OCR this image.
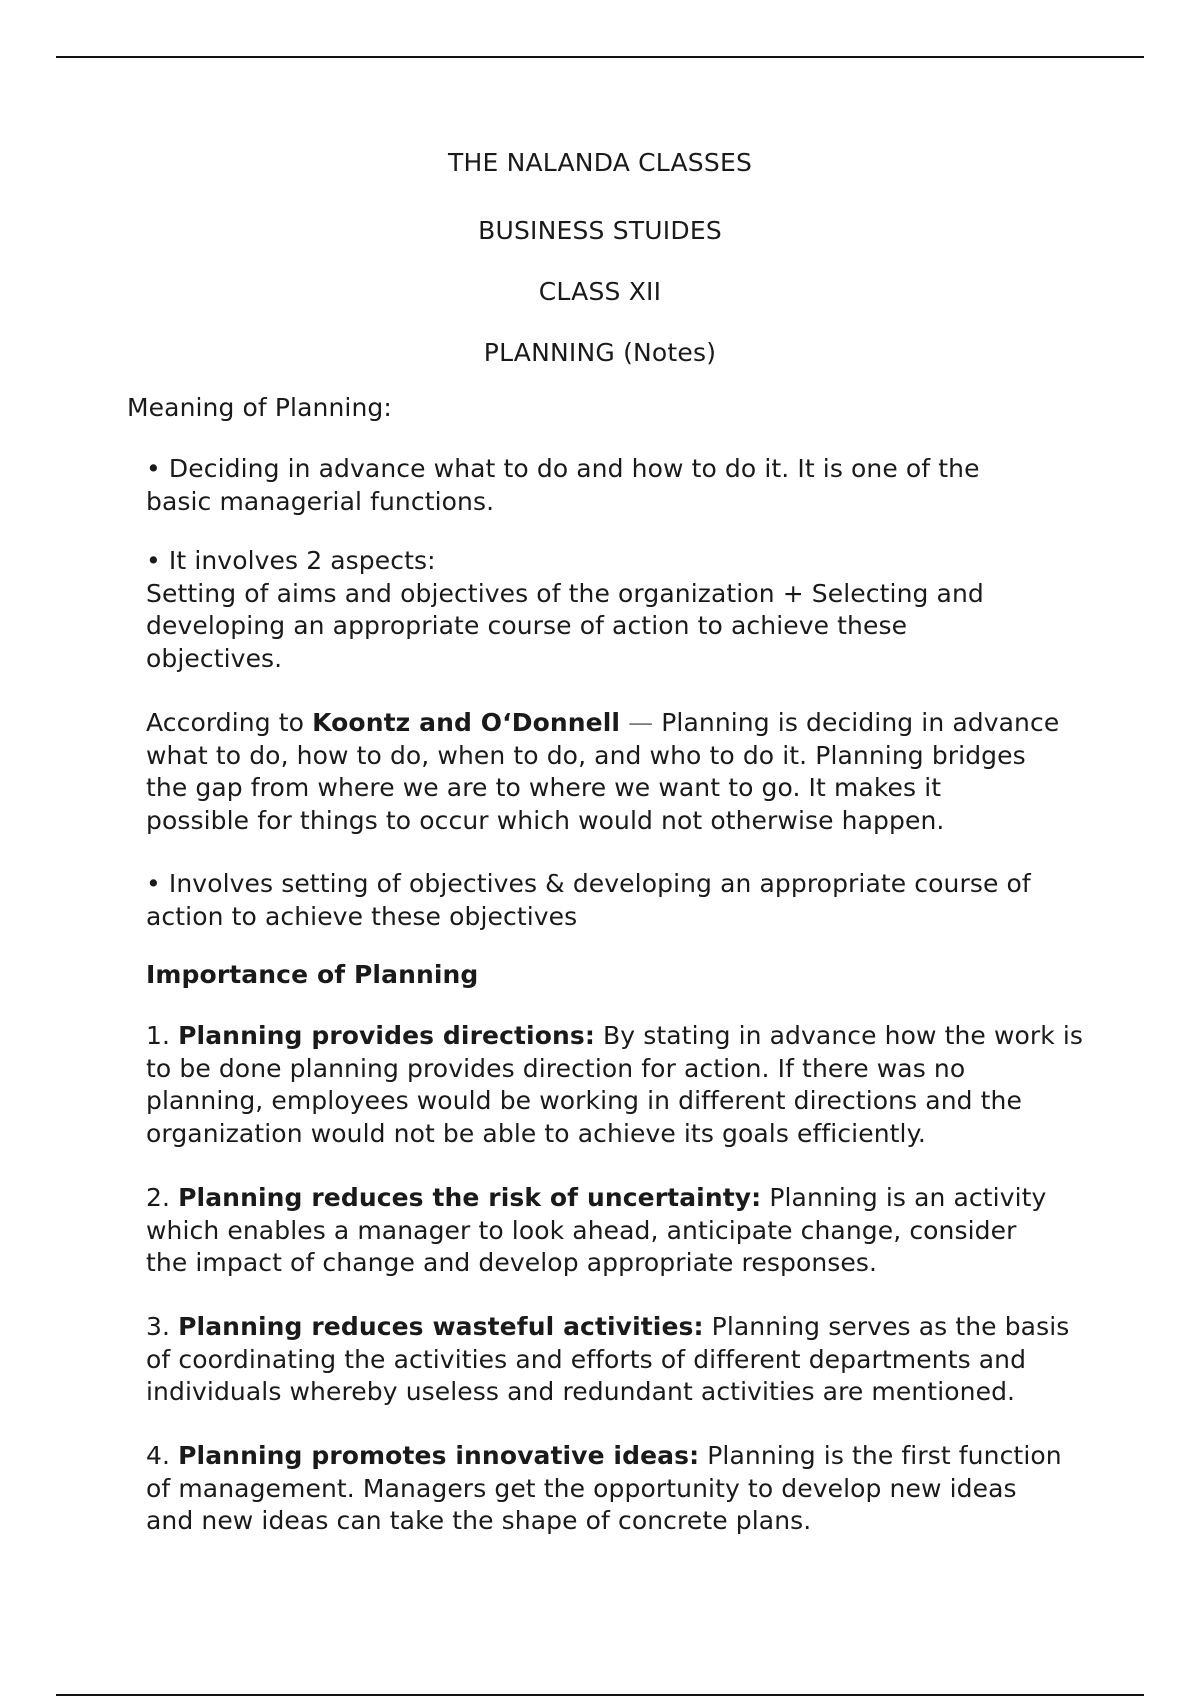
THE NALANDA CLASSES
BUSINESS STUIDES
CLASS XII
PLANNING (Notes)
Meaning of Planning:
• Deciding in advance what to do and how to do it. It is one of the
basic managerial functions.
• It involves 2 aspects:
Setting of aims and objectives of the organization + Selecting and
developing an appropriate course of action to achieve these
objectives.
According to Koontz and O‘Donnell — Planning is deciding in advance
what to do, how to do, when to do, and who to do it. Planning bridges
the gap from where we are to where we want to go. It makes it
possible for things to occur which would not otherwise happen.
• Involves setting of objectives & developing an appropriate course of
action to achieve these objectives
Importance of Planning
1. Planning provides directions: By stating in advance how the work is
to be done planning provides direction for action. If there was no
planning, employees would be working in different directions and the
organization would not be able to achieve its goals efficiently.
2. Planning reduces the risk of uncertainty: Planning is an activity
which enables a manager to look ahead, anticipate change, consider
the impact of change and develop appropriate responses.
3. Planning reduces wasteful activities: Planning serves as the basis
of coordinating the activities and efforts of different departments and
individuals whereby useless and redundant activities are mentioned.
4. Planning promotes innovative ideas: Planning is the first function
of management. Managers get the opportunity to develop new ideas
and new ideas can take the shape of concrete plans.
